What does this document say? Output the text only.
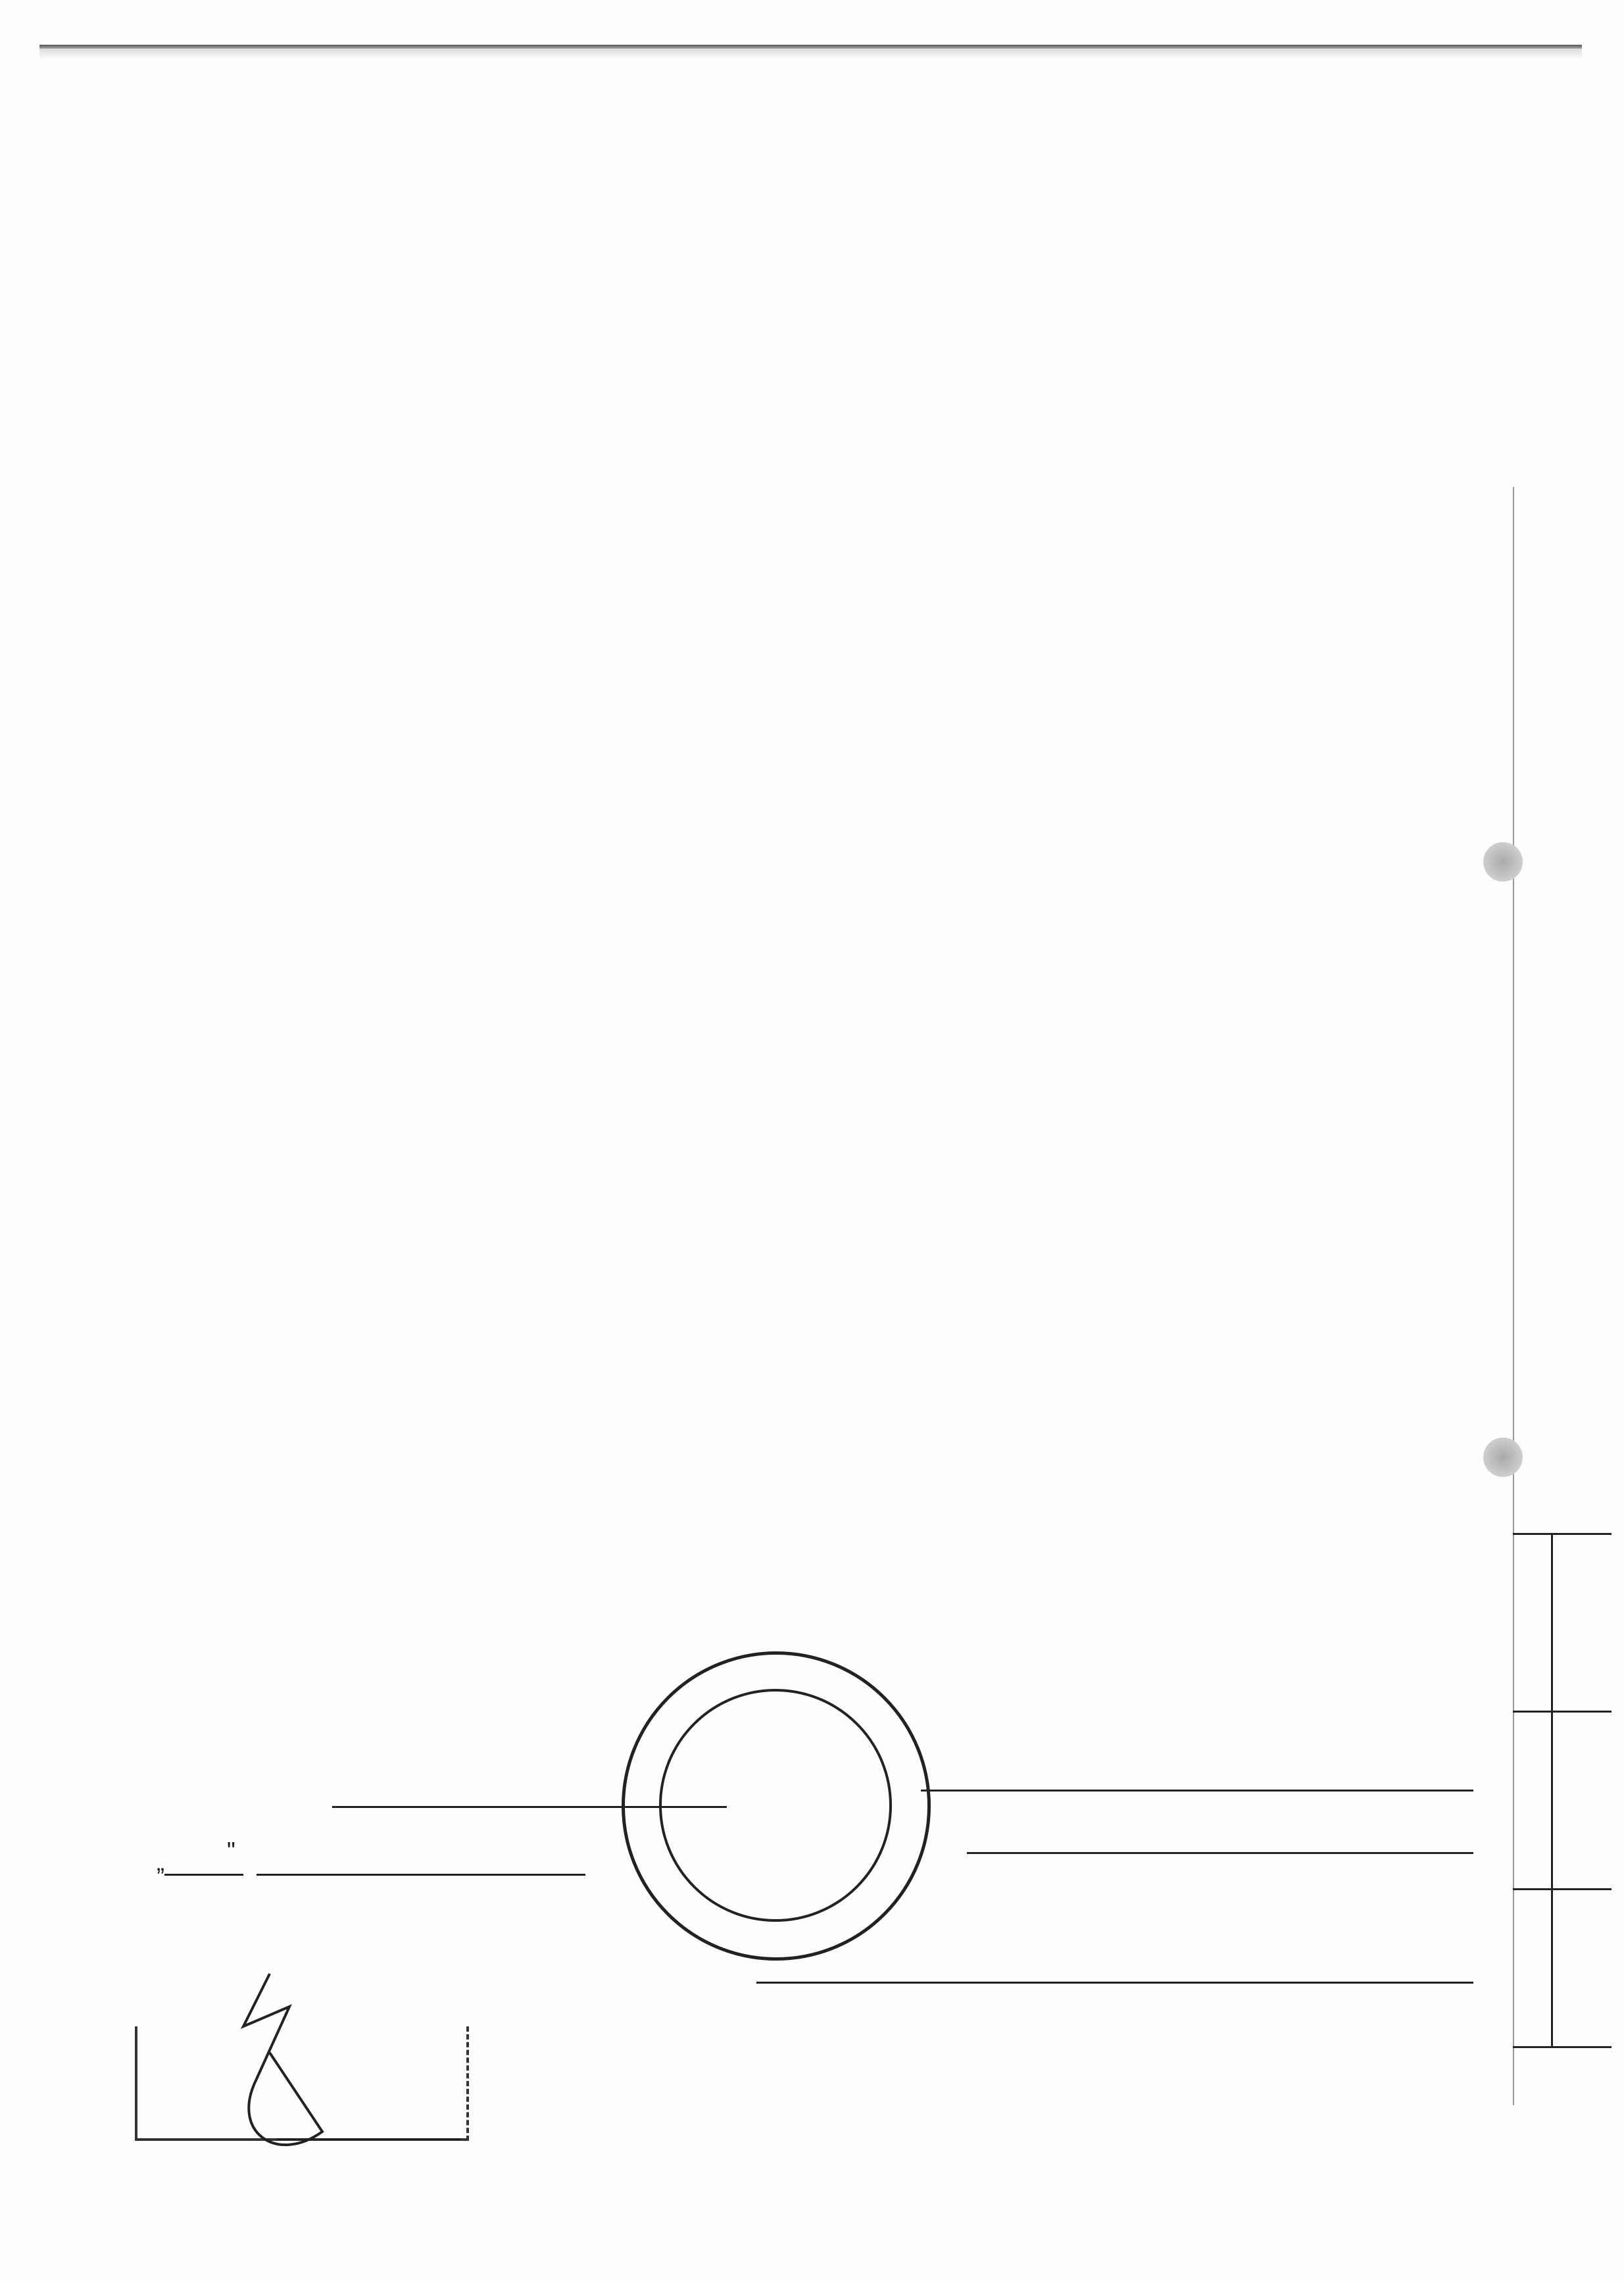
„	"
